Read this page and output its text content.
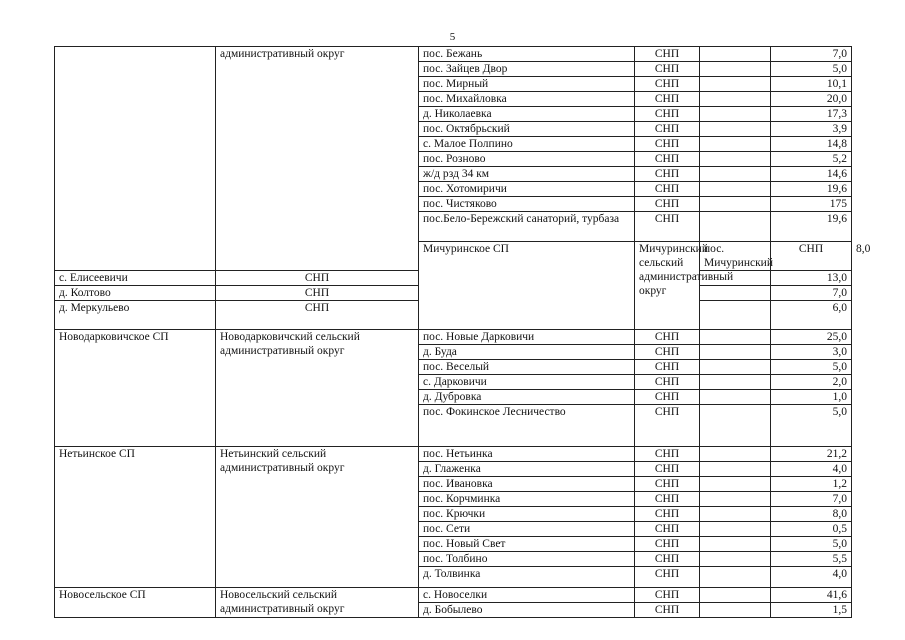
5
	административный округ	пос. Бежань	СНП		7,0	
		пос. Зайцев Двор	СНП		5,0	
		пос. Мирный	СНП		10,1	
		пос. Михайловка	СНП		20,0	
		д. Николаевка	СНП		17,3	
		пос. Октябрьский	СНП		3,9	
		с. Малое Полпино	СНП		14,8	
		пос. Розново	СНП		5,2	
		ж/д рзд 34 км	СНП		14,6	
		пос. Хотомиричи	СНП		19,6	
		пос. Чистяково	СНП		175	
		пос.Бело-Бережский санаторий, турбаза	СНП		19,6	
		Мичуринское СП	Мичуринский сельский административный округ	пос. Мичуринский	СНП		8,0
с. Елисеевичи	СНП				13,0	
д. Колтово	СНП				7,0	
д. Меркульево	СНП				6,0	
Новодарковичское СП	Новодарковичский сельский административный округ	пос. Новые Дарковичи	СНП		25,0	
		д. Буда	СНП		3,0	
		пос. Веселый	СНП		5,0	
		с. Дарковичи	СНП		2,0	
		д. Дубровка	СНП		1,0	
		пос. Фокинское Лесничество	СНП		5,0	
Нетьинское СП	Нетьинский сельский административный округ	пос. Нетьинка	СНП		21,2	
		д. Глаженка	СНП		4,0	
		пос. Ивановка	СНП		1,2	
		пос. Корчминка	СНП		7,0	
		пос. Крючки	СНП		8,0	
		пос. Сети	СНП		0,5	
		пос. Новый Свет	СНП		5,0	
		пос. Толбино	СНП		5,5	
		д. Толвинка	СНП		4,0	
Новосельское СП	Новосельский сельский административный округ	с. Новоселки	СНП		41,6	
		д. Бобылево	СНП		1,5	
